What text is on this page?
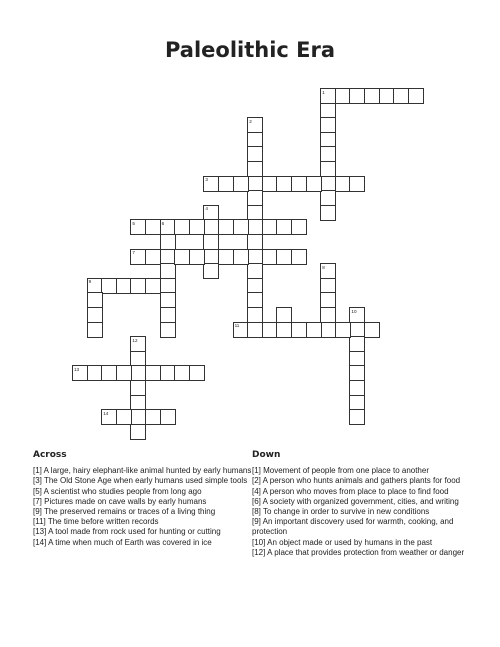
Paleolithic Era
1
2
3
4
5	6
7
8
9
10
11
12
13
14
Across

[1] A large, hairy elephant-like animal hunted by early humans

[3] The Old Stone Age when early humans used simple tools

[5] A scientist who studies people from long ago

[7] Pictures made on cave walls by early humans

[9] The preserved remains or traces of a living thing

[11] The time before written records

[13] A tool made from rock used for hunting or cutting

[14] A time when much of Earth was covered in ice

Down

[1] Movement of people from one place to another

[2] A person who hunts animals and gathers plants for food

[4] A person who moves from place to place to find food

[6] A society with organized government, cities, and writing

[8] To change in order to survive in new conditions

[9] An important discovery used for warmth, cooking, and protection

[10] An object made or used by humans in the past

[12] A place that provides protection from weather or danger
